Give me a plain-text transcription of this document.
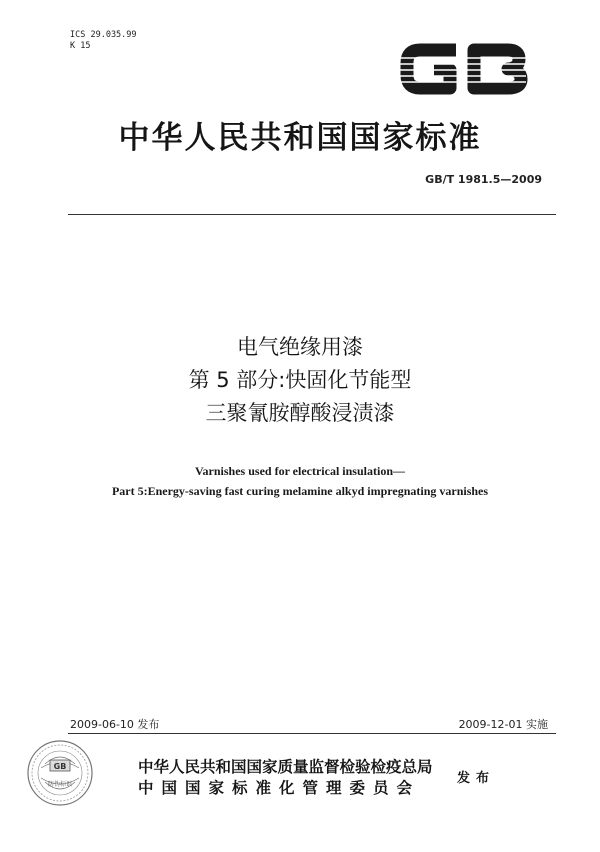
ICS 29.035.99
K 15
中华人民共和国国家标准
GB/T 1981.5—2009
电气绝缘用漆
第 5 部分:快固化节能型
三聚氰胺醇酸浸渍漆
Varnishes used for electrical insulation—
Part 5:Energy-saving fast curing melamine alkyd impregnating varnishes
2009-06-10 发布	2009-12-01 实施
GB
防伪标识
中华人民共和国国家质量监督检验检疫总局
中国国家标准化管理委员会	发布
